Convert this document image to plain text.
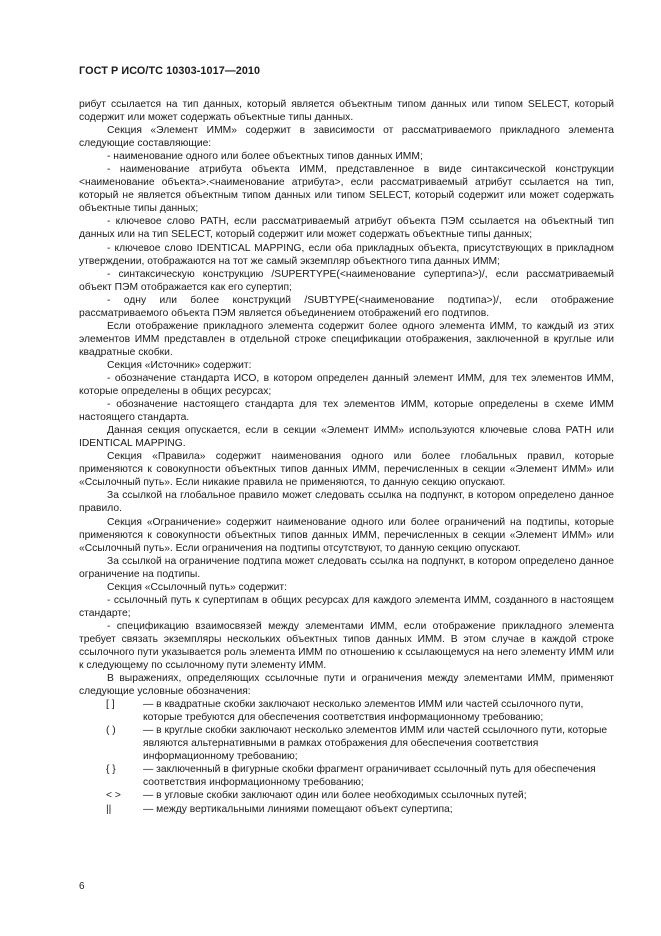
ГОСТ Р ИСО/ТС 10303-1017—2010

рибут ссылается на тип данных, который является объектным типом данных или типом SELECT, который содержит или может содержать объектные типы данных.

Секция «Элемент ИММ» содержит в зависимости от рассматриваемого прикладного элемента следующие составляющие:

- наименование одного или более объектных типов данных ИММ;

- наименование атрибута объекта ИММ, представленное в виде синтаксической конструкции <наименование объекта>.<наименование атрибута>, если рассматриваемый атрибут ссылается на тип, который не является объектным типом данных или типом SELECT, который содержит или может содержать объектные типы данных;

- ключевое слово PATH, если рассматриваемый атрибут объекта ПЭМ ссылается на объектный тип данных или на тип SELECT, который содержит или может содержать объектные типы данных;

- ключевое слово IDENTICAL MAPPING, если оба прикладных объекта, присутствующих в прикладном утверждении, отображаются на тот же самый экземпляр объектного типа данных ИММ;

- синтаксическую конструкцию /SUPERTYPE(<наименование супертипа>)/, если рассматриваемый объект ПЭМ отображается как его супертип;

- одну или более конструкций /SUBTYPE(<наименование подтипа>)/, если отображение рассматриваемого объекта ПЭМ является объединением отображений его подтипов.

Если отображение прикладного элемента содержит более одного элемента ИММ, то каждый из этих элементов ИММ представлен в отдельной строке спецификации отображения, заключенной в круглые или квадратные скобки.

Секция «Источник» содержит:

- обозначение стандарта ИСО, в котором определен данный элемент ИММ, для тех элементов ИММ, которые определены в общих ресурсах;

- обозначение настоящего стандарта для тех элементов ИММ, которые определены в схеме ИММ настоящего стандарта.

Данная секция опускается, если в секции «Элемент ИММ» используются ключевые слова PATH или IDENTICAL MAPPING.

Секция «Правила» содержит наименования одного или более глобальных правил, которые применяются к совокупности объектных типов данных ИММ, перечисленных в секции «Элемент ИММ» или «Ссылочный путь». Если никакие правила не применяются, то данную секцию опускают.

За ссылкой на глобальное правило может следовать ссылка на подпункт, в котором определено данное правило.

Секция «Ограничение» содержит наименование одного или более ограничений на подтипы, которые применяются к совокупности объектных типов данных ИММ, перечисленных в секции «Элемент ИММ» или «Ссылочный путь». Если ограничения на подтипы отсутствуют, то данную секцию опускают.

За ссылкой на ограничение подтипа может следовать ссылка на подпункт, в котором определено данное ограничение на подтипы.

Секция «Ссылочный путь» содержит:

- ссылочный путь к супертипам в общих ресурсах для каждого элемента ИММ, созданного в настоящем стандарте;

- спецификацию взаимосвязей между элементами ИММ, если отображение прикладного элемента требует связать экземпляры нескольких объектных типов данных ИММ. В этом случае в каждой строке ссылочного пути указывается роль элемента ИММ по отношению к ссылающемуся на него элементу ИММ или к следующему по ссылочному пути элементу ИММ.

В выражениях, определяющих ссылочные пути и ограничения между элементами ИММ, применяют следующие условные обозначения:

[ ]	— в квадратные скобки заключают несколько элементов ИММ или частей ссылочного пути, которые требуются для обеспечения соответствия информационному требованию;
( )	— в круглые скобки заключают несколько элементов ИММ или частей ссылочного пути, которые являются альтернативными в рамках отображения для обеспечения соответствия информационному требованию;
{ }	— заключенный в фигурные скобки фрагмент ограничивает ссылочный путь для обеспечения соответствия информационному требованию;
< > — в угловые скобки заключают один или более необходимых ссылочных путей;
||	— между вертикальными линиями помещают объект супертипа;
6
